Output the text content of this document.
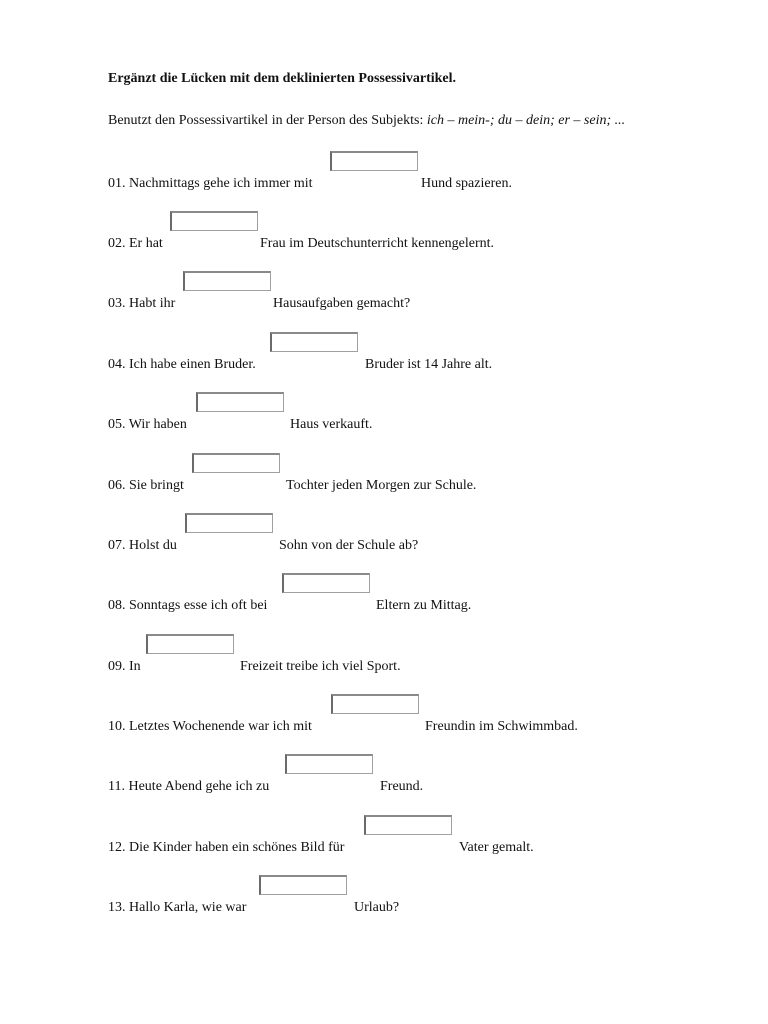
Ergänzt die Lücken mit dem deklinierten Possessivartikel.
Benutzt den Possessivartikel in der Person des Subjekts: ich – mein-; du – dein; er – sein; ...
01. Nachmittags gehe ich immer mit	Hund spazieren.
02. Er hat	Frau im Deutschunterricht kennengelernt.
03. Habt ihr	Hausaufgaben gemacht?
04. Ich habe einen Bruder.	Bruder ist 14 Jahre alt.
05. Wir haben	Haus verkauft.
06. Sie bringt	Tochter jeden Morgen zur Schule.
07. Holst du	Sohn von der Schule ab?
08. Sonntags esse ich oft bei	Eltern zu Mittag.
09. In	Freizeit treibe ich viel Sport.
10. Letztes Wochenende war ich mit	Freundin im Schwimmbad.
11. Heute Abend gehe ich zu	Freund.
12. Die Kinder haben ein schönes Bild für	Vater gemalt.
13. Hallo Karla, wie war	Urlaub?
